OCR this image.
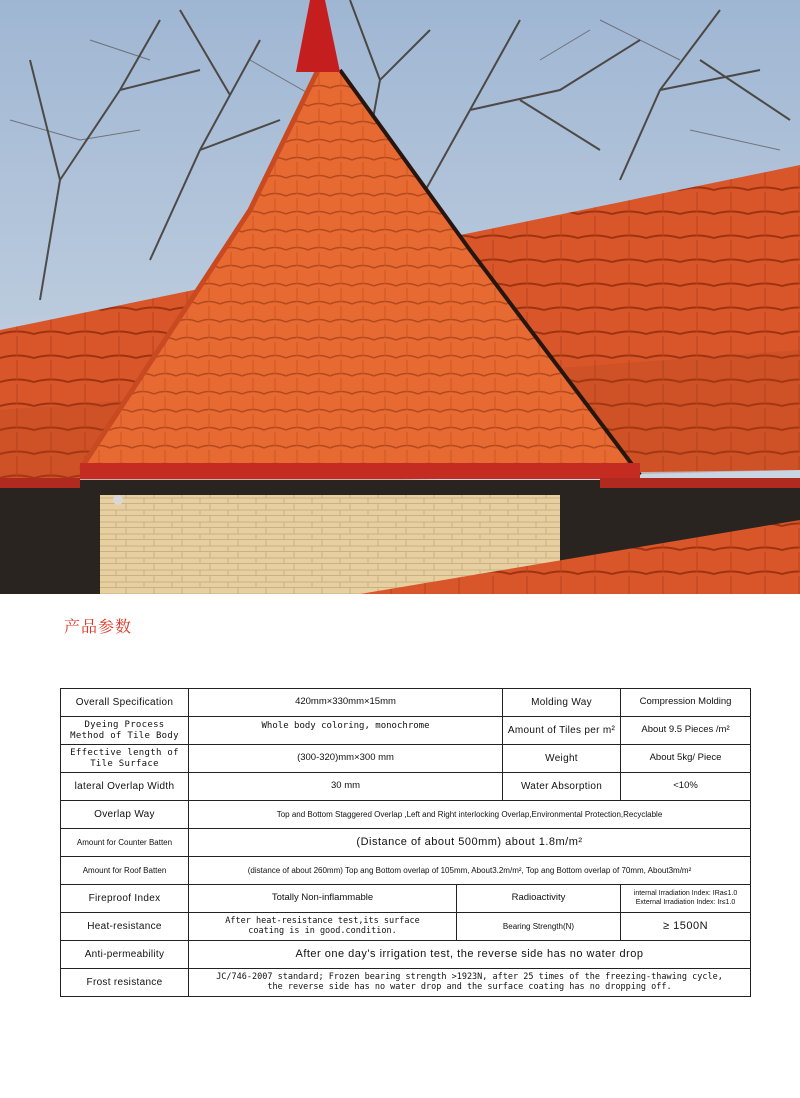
产品参数
Overall Specification	420mm×330mm×15mm		Molding Way	Compression Molding

Dyeing Process
Method of Tile Body	Whole body coloring, monochrome		Amount of Tiles per m²	About 9.5 Pieces /m²

Effective length of
Tile Surface	(300-320)mm×300 mm		Weight	About 5kg/ Piece
lateral Overlap Width	30 mm		Water Absorption	<10%
Overlap Way	Top and Bottom Staggered Overlap ,Left and Right interlocking Overlap,Environmental Protection,Recyclable			
Amount for Counter Batten	(Distance of about 500mm) about 1.8m/m²			
Amount for Roof Batten	(distance of about 260mm) Top ang Bottom overlap of 105mm, About3.2m/m², Top ang Bottom overlap of 70mm, About3m/m²			
Fireproof Index	Totally Non-inflammable	Radioactivity		internal Irradiation Index: IRa≤1.0 External Irradiation Index: Ir≤1.0
Heat-resistance	After heat-resistance test,its surface
coating is in good.condition.	Bearing Strength(N)		≥ 1500N
Anti-permeability	After one day's irrigation test, the reverse side has no water drop			
Frost resistance	JC/746-2007 standard; Frozen bearing strength >1923N, after 25 times of the freezing-thawing cycle,
the reverse side has no water drop and the surface coating has no dropping off.			
